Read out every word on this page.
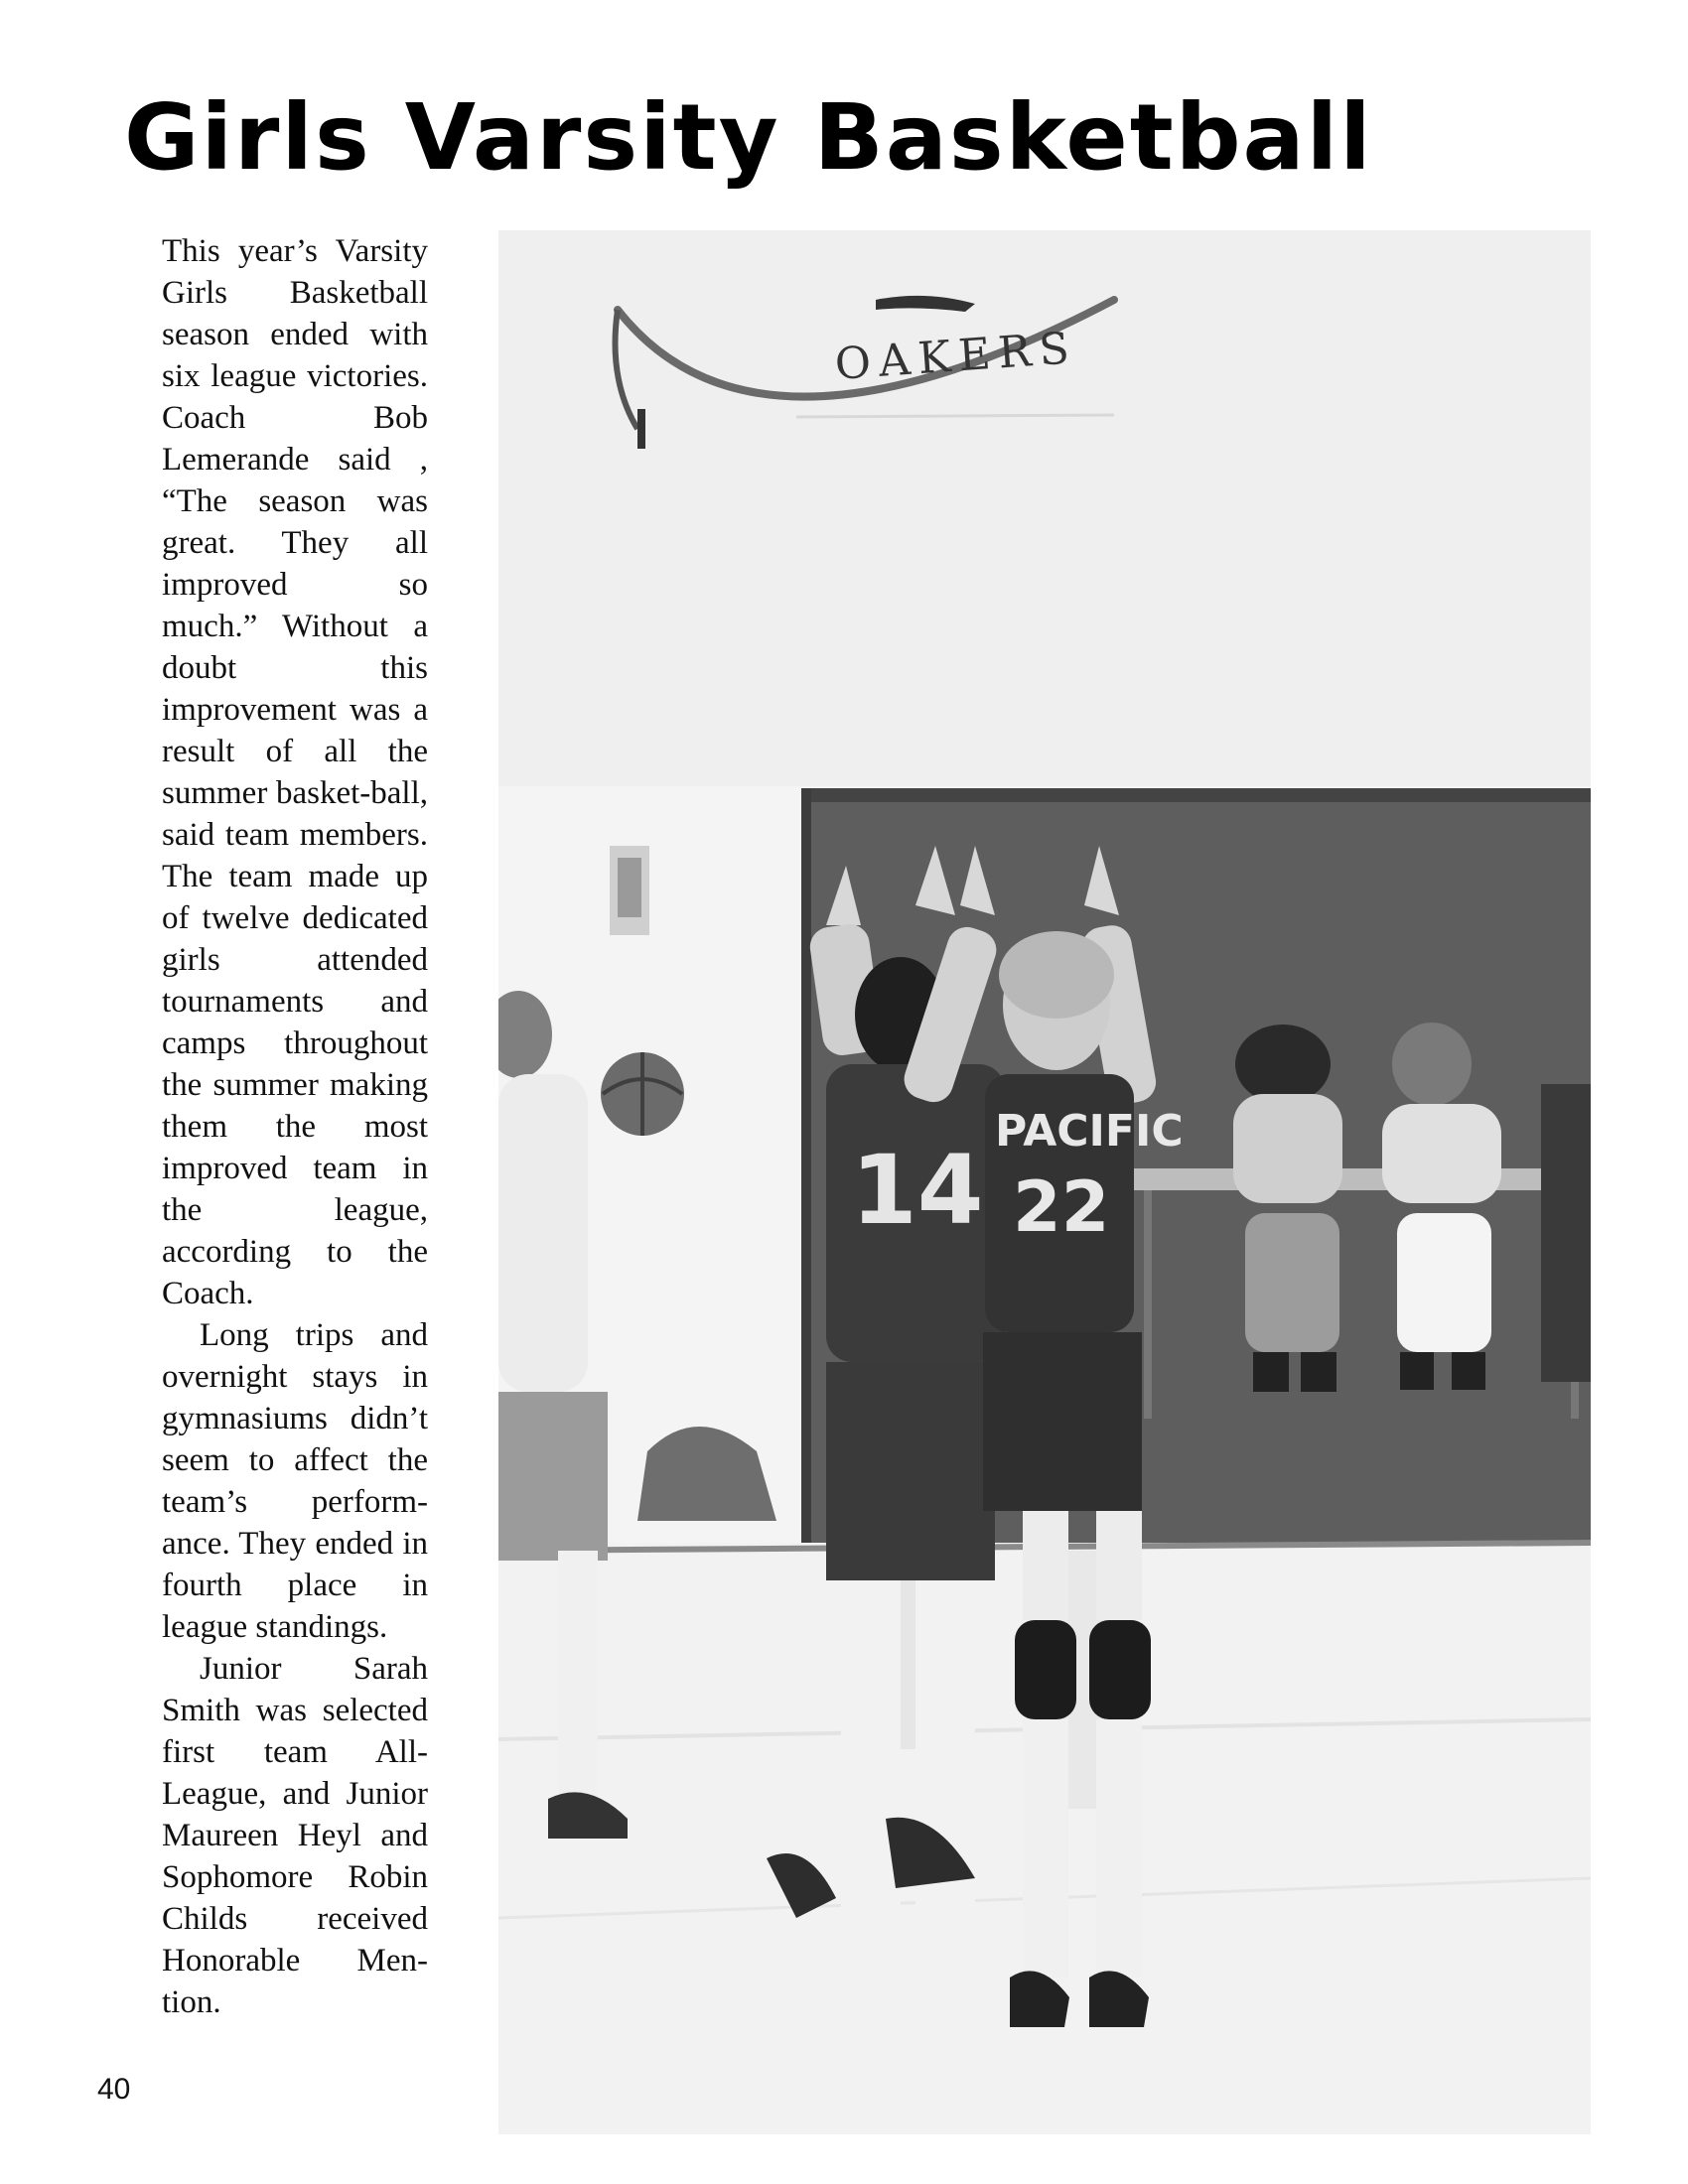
Girls Varsity Basketball

This year’s Varsity Girls Basketball season ended with six league victories. Coach Bob Lemerande said , “The season was great. They all improved so much.” Without a doubt this improvement was a result of all the summer basket-ball, said team members. The team made up of twelve dedicated girls attended tournaments and camps throughout the summer making them the most improved team in the league, according to the Coach.

Long trips and overnight stays in gymnasiums didn’t seem to affect the team’s perform-ance. They ended in fourth place in league standings.

Junior Sarah Smith was selected first team All-League, and Junior Maureen Heyl and Sophomore Robin Childs received Honorable Men-tion.

OAKERS
14
PACIFIC
22
40
